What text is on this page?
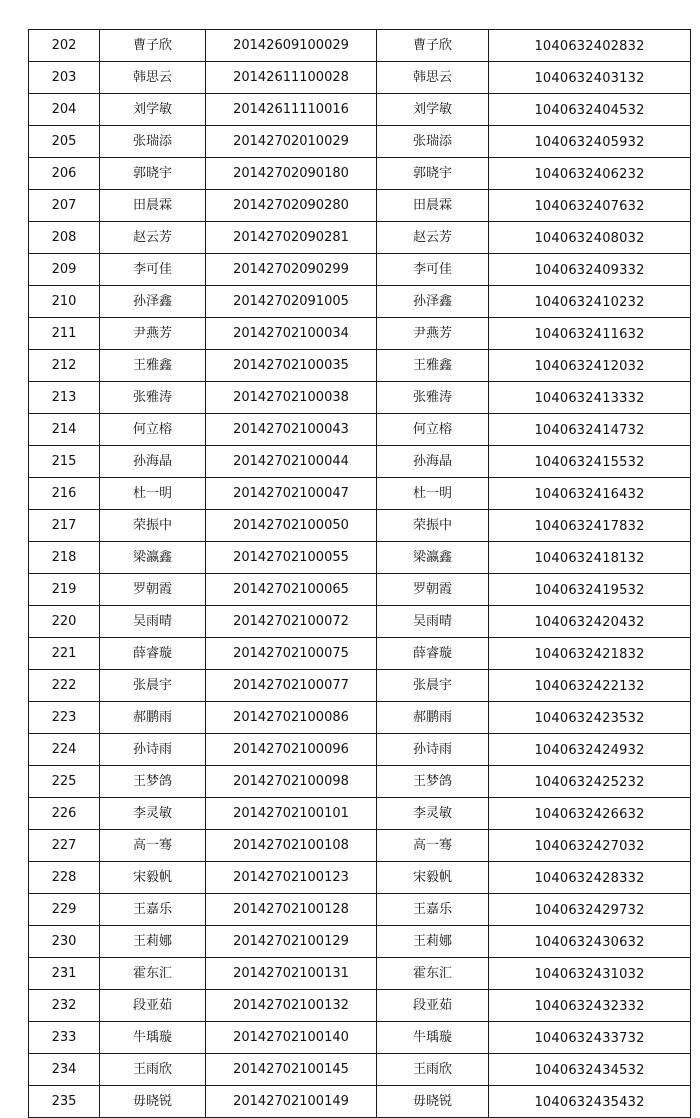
202	曹子欣	20142609100029	曹子欣	1040632402832
203	韩思云	20142611100028	韩思云	1040632403132
204	刘学敏	20142611110016	刘学敏	1040632404532
205	张瑞添	20142702010029	张瑞添	1040632405932
206	郭晓宇	20142702090180	郭晓宇	1040632406232
207	田晨霖	20142702090280	田晨霖	1040632407632
208	赵云芳	20142702090281	赵云芳	1040632408032
209	李可佳	20142702090299	李可佳	1040632409332
210	孙泽鑫	20142702091005	孙泽鑫	1040632410232
211	尹燕芳	20142702100034	尹燕芳	1040632411632
212	王雅鑫	20142702100035	王雅鑫	1040632412032
213	张雅涛	20142702100038	张雅涛	1040632413332
214	何立榕	20142702100043	何立榕	1040632414732
215	孙海晶	20142702100044	孙海晶	1040632415532
216	杜一明	20142702100047	杜一明	1040632416432
217	荣振中	20142702100050	荣振中	1040632417832
218	梁瀛鑫	20142702100055	梁瀛鑫	1040632418132
219	罗朝霞	20142702100065	罗朝霞	1040632419532
220	吴雨晴	20142702100072	吴雨晴	1040632420432
221	薛睿璇	20142702100075	薛睿璇	1040632421832
222	张晨宇	20142702100077	张晨宇	1040632422132
223	郝鹏雨	20142702100086	郝鹏雨	1040632423532
224	孙诗雨	20142702100096	孙诗雨	1040632424932
225	王梦鸽	20142702100098	王梦鸽	1040632425232
226	李灵敏	20142702100101	李灵敏	1040632426632
227	高一骞	20142702100108	高一骞	1040632427032
228	宋毅帆	20142702100123	宋毅帆	1040632428332
229	王嘉乐	20142702100128	王嘉乐	1040632429732
230	王莉娜	20142702100129	王莉娜	1040632430632
231	霍东汇	20142702100131	霍东汇	1040632431032
232	段亚茹	20142702100132	段亚茹	1040632432332
233	牛瑀璇	20142702100140	牛瑀璇	1040632433732
234	王雨欣	20142702100145	王雨欣	1040632434532
235	毋晓锐	20142702100149	毋晓锐	1040632435432
